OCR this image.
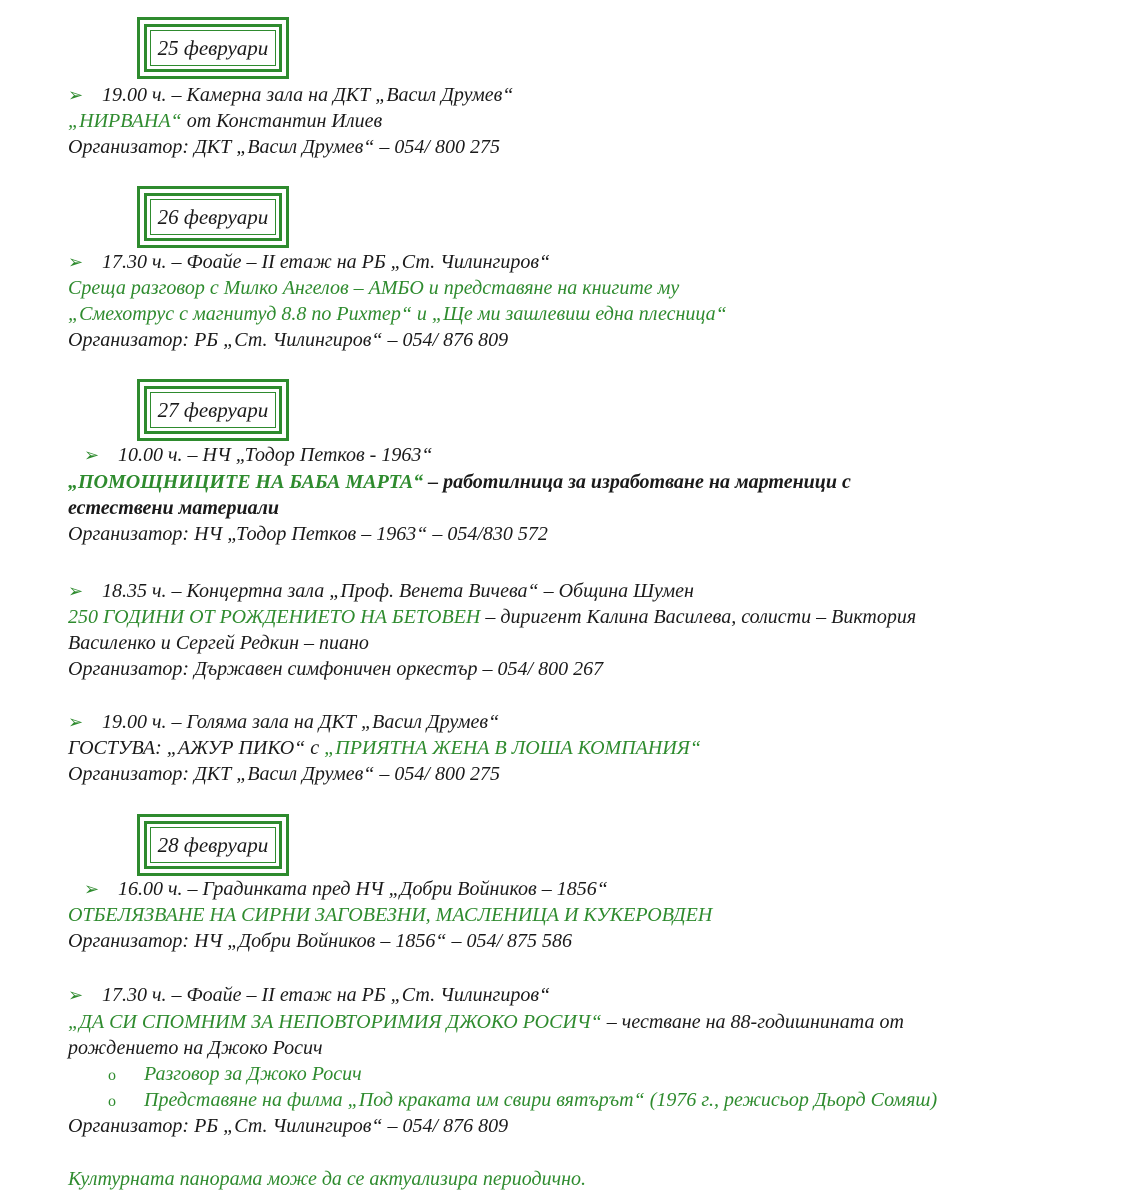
25 февруари
➢ 19.00 ч. – Камерна зала на ДКТ „Васил Друмев“
„НИРВАНА“ от Константин Илиев
Организатор: ДКТ „Васил Друмев“ – 054/ 800 275
26 февруари
➢ 17.30 ч. – Фоайе – II етаж на РБ „Ст. Чилингиров“
Среща разговор с Милко Ангелов – АМБО и представяне на книгите му
„Смехотрус с магнитуд 8.8 по Рихтер“ и „Ще ми зашлевиш една плесница“
Организатор: РБ „Ст. Чилингиров“ – 054/ 876 809
27 февруари
➢ 10.00 ч. – НЧ „Тодор Петков - 1963“
„ПОМОЩНИЦИТЕ НА БАБА МАРТА“ – работилница за изработване на мартеници с
естествени материали
Организатор: НЧ „Тодор Петков – 1963“ – 054/830 572
➢ 18.35 ч. – Концертна зала „Проф. Венета Вичева“ – Община Шумен
250 ГОДИНИ ОТ РОЖДЕНИЕТО НА БЕТОВЕН – диригент Калина Василева, солисти – Виктория
Василенко и Сергей Редкин – пиано
Организатор: Държавен симфоничен оркестър – 054/ 800 267
➢ 19.00 ч. – Голяма зала на ДКТ „Васил Друмев“
ГОСТУВА: „АЖУР ПИКО“ с „ПРИЯТНА ЖЕНА В ЛОША КОМПАНИЯ“
Организатор: ДКТ „Васил Друмев“ – 054/ 800 275
28 февруари
➢ 16.00 ч. – Градинката пред НЧ „Добри Войников – 1856“
ОТБЕЛЯЗВАНЕ НА СИРНИ ЗАГОВЕЗНИ, МАСЛЕНИЦА И КУКЕРОВДЕН
Организатор: НЧ „Добри Войников – 1856“ – 054/ 875 586
➢ 17.30 ч. – Фоайе – II етаж на РБ „Ст. Чилингиров“
„ДА СИ СПОМНИМ ЗА НЕПОВТОРИМИЯ ДЖОКО РОСИЧ“ – честване на 88-годишнината от
рождението на Джоко Росич
o Разговор за Джоко Росич
o Представяне на филма „Под краката им свири вятърът“ (1976 г., режисьор Дьорд Сомяш)
Организатор: РБ „Ст. Чилингиров“ – 054/ 876 809
Културната панорама може да се актуализира периодично.
